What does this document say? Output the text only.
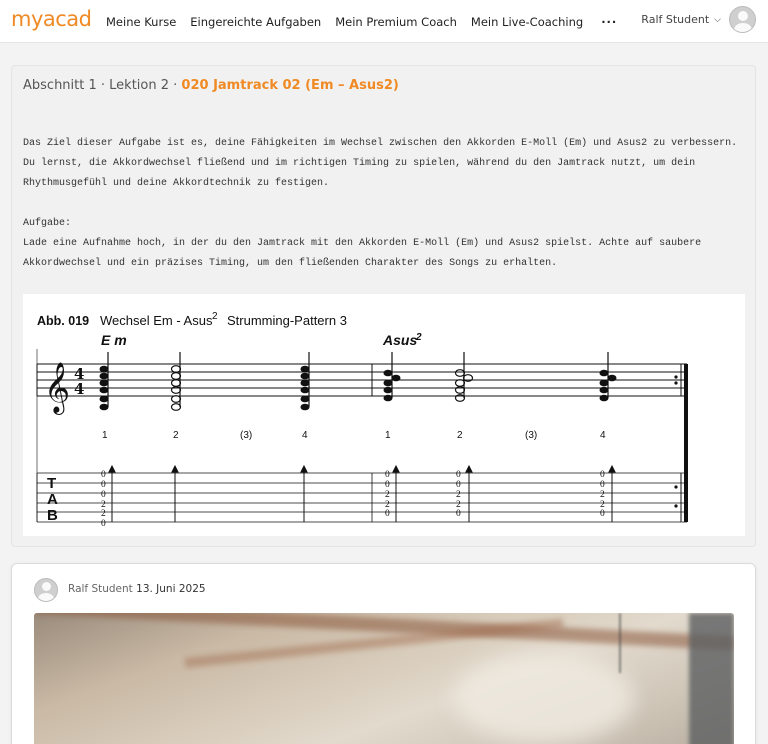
myacad Meine Kurse Eingereichte Aufgaben Mein Premium Coach Mein Live-Coaching ··· Ralf Student ⌵
Abschnitt 1 · Lektion 2 · 020 Jamtrack 02 (Em – Asus2)

Das Ziel dieser Aufgabe ist es, deine Fähigkeiten im Wechsel zwischen den Akkorden E-Moll (Em) und Asus2 zu verbessern. Du lernst, die Akkordwechsel fließend und im richtigen Timing zu spielen, während du den Jamtrack nutzt, um dein Rhythmusgefühl und deine Akkordtechnik zu festigen.

Aufgabe:
Lade eine Aufnahme hoch, in der du den Jamtrack mit den Akkorden E-Moll (Em) und Asus2 spielst. Achte auf saubere Akkordwechsel und ein präzises Timing, um den fließenden Charakter des Songs zu erhalten.
Abb. 019 Wechsel Em - Asus 2 Strumming-Pattern 3
E m	Asus
2
𝄞 4
4
1	2	(3)	4	1	2	(3)	4
T
A
B
0
0
0
2
2
0
0
0
2
2
0
0
0
2
2
0
0
0
2
2
0
Ralf Student 13. Juni 2025
